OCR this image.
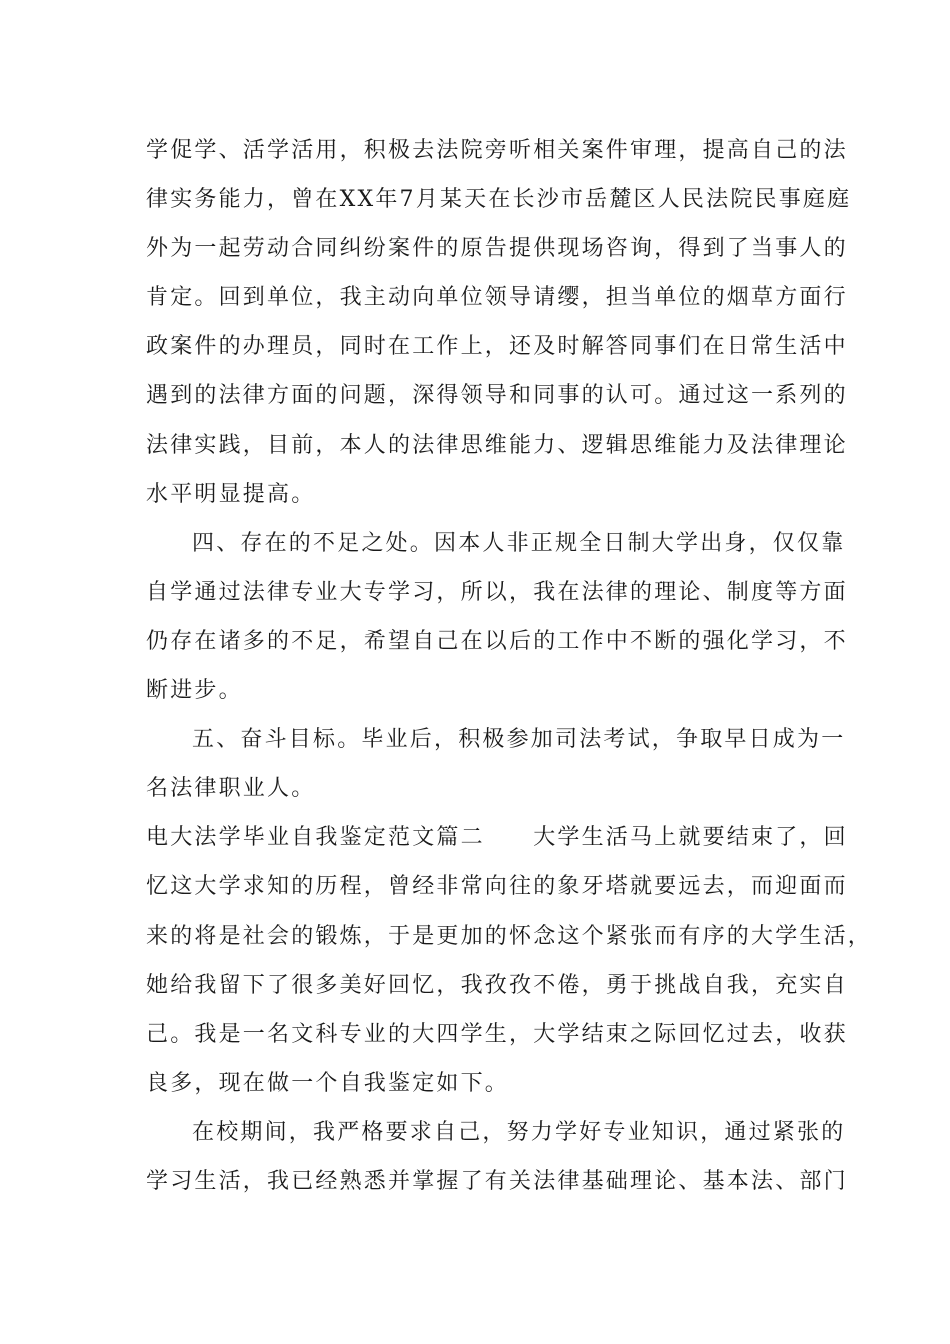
学促学、活学活用，积极去法院旁听相关案件审理，提高自己的法
律实务能力，曾在XX年7月某天在长沙市岳麓区人民法院民事庭庭
外为一起劳动合同纠纷案件的原告提供现场咨询，得到了当事人的
肯定。回到单位，我主动向单位领导请缨，担当单位的烟草方面行
政案件的办理员，同时在工作上，还及时解答同事们在日常生活中
遇到的法律方面的问题，深得领导和同事的认可。通过这一系列的
法律实践，目前，本人的法律思维能力、逻辑思维能力及法律理论
水平明显提高。
四、存在的不足之处。因本人非正规全日制大学出身，仅仅靠
自学通过法律专业大专学习，所以，我在法律的理论、制度等方面
仍存在诸多的不足，希望自己在以后的工作中不断的强化学习，不
断进步。
五、奋斗目标。毕业后，积极参加司法考试，争取早日成为一
名法律职业人。
电大法学毕业自我鉴定范文篇二　　大学生活马上就要结束了，回
忆这大学求知的历程，曾经非常向往的象牙塔就要远去，而迎面而
来的将是社会的锻炼，于是更加的怀念这个紧张而有序的大学生活，
她给我留下了很多美好回忆，我孜孜不倦，勇于挑战自我，充实自
己。我是一名文科专业的大四学生，大学结束之际回忆过去，收获
良多，现在做一个自我鉴定如下。
在校期间，我严格要求自己，努力学好专业知识，通过紧张的
学习生活，我已经熟悉并掌握了有关法律基础理论、基本法、部门
